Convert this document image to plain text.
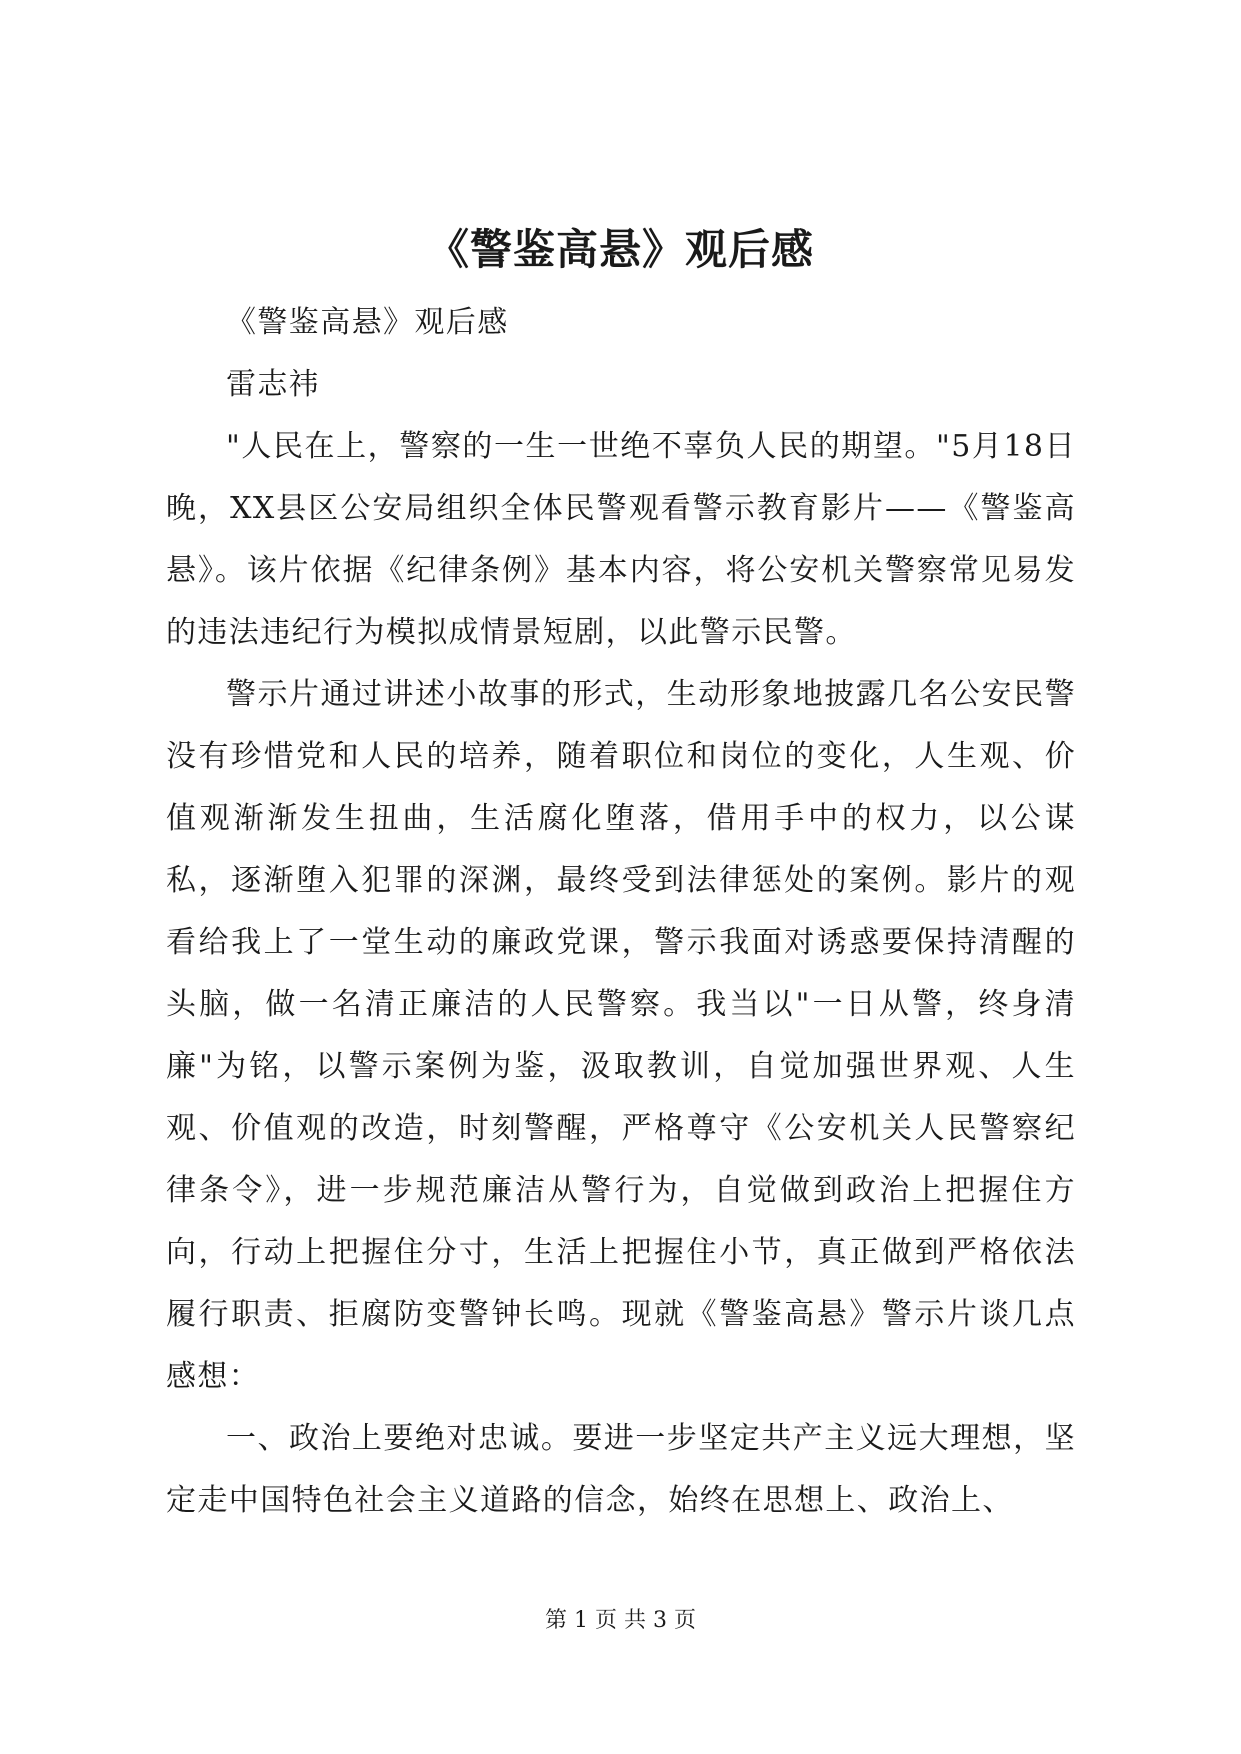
《警鉴高悬》观后感

《警鉴高悬》观后感

雷志祎

"人民在上，警察的一生一世绝不辜负人民的期望。"5月18日晚，XX县区公安局组织全体民警观看警示教育影片——《警鉴高悬》。该片依据《纪律条例》基本内容，将公安机关警察常见易发的违法违纪行为模拟成情景短剧，以此警示民警。

警示片通过讲述小故事的形式，生动形象地披露几名公安民警没有珍惜党和人民的培养，随着职位和岗位的变化，人生观、价值观渐渐发生扭曲，生活腐化堕落，借用手中的权力，以公谋私，逐渐堕入犯罪的深渊，最终受到法律惩处的案例。影片的观看给我上了一堂生动的廉政党课，警示我面对诱惑要保持清醒的头脑，做一名清正廉洁的人民警察。我当以"一日从警，终身清廉"为铭，以警示案例为鉴，汲取教训，自觉加强世界观、人生观、价值观的改造，时刻警醒，严格尊守《公安机关人民警察纪律条令》，进一步规范廉洁从警行为，自觉做到政治上把握住方向，行动上把握住分寸，生活上把握住小节，真正做到严格依法履行职责、拒腐防变警钟长鸣。现就《警鉴高悬》警示片谈几点感想：

一、政治上要绝对忠诚。要进一步坚定共产主义远大理想，坚定走中国特色社会主义道路的信念，始终在思想上、政治上、

第 1 页 共 3 页
